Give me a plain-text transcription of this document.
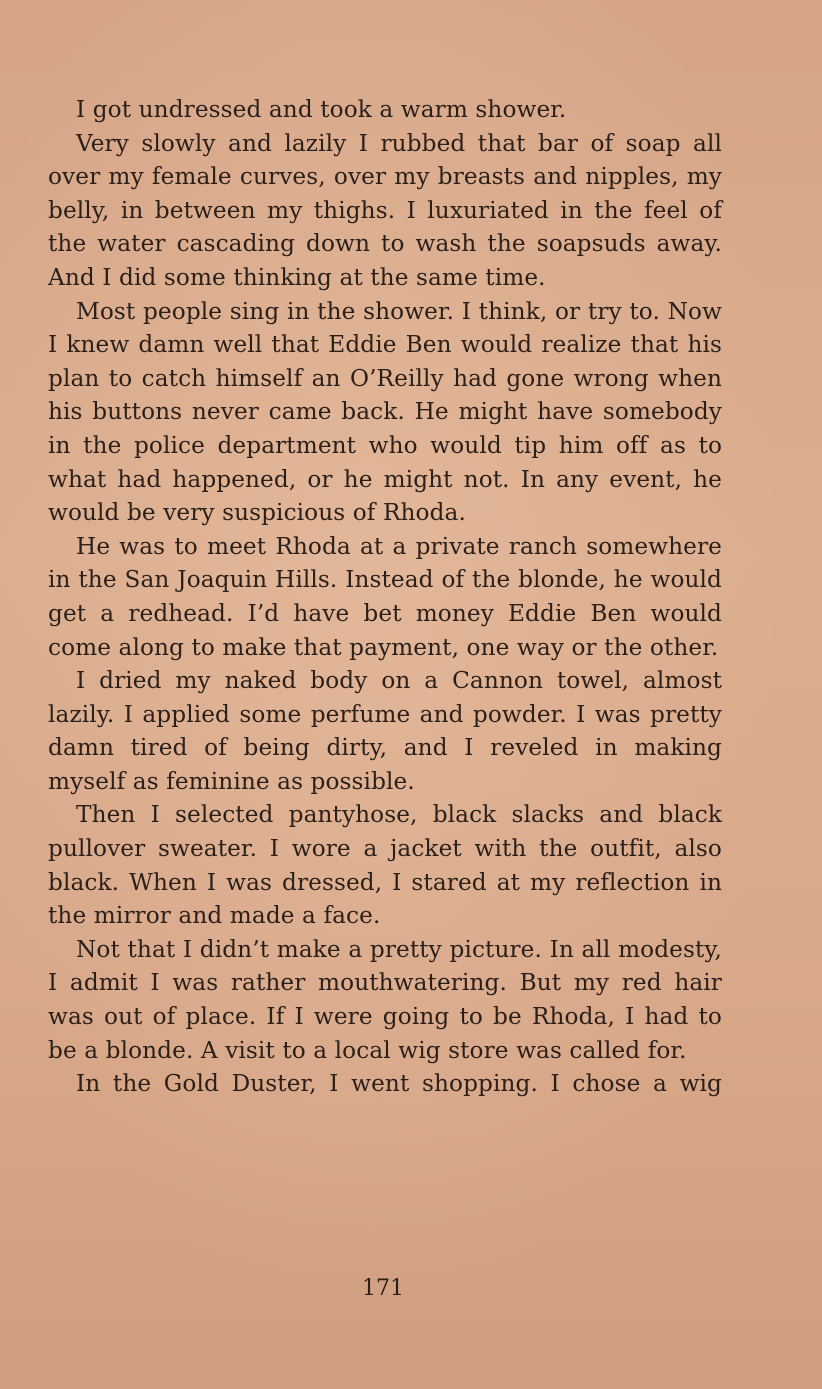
I got undressed and took a warm shower.

Very slowly and lazily I rubbed that bar of soap all over my female curves, over my breasts and nipples, my belly, in between my thighs. I luxuriated in the feel of the water cascading down to wash the soapsuds away. And I did some thinking at the same time.

Most people sing in the shower. I think, or try to. Now I knew damn well that Eddie Ben would realize that his plan to catch himself an O’Reilly had gone wrong when his buttons never came back. He might have somebody in the police department who would tip him off as to what had happened, or he might not. In any event, he would be very suspicious of Rhoda.

He was to meet Rhoda at a private ranch somewhere in the San Joaquin Hills. Instead of the blonde, he would get a redhead. I’d have bet money Eddie Ben would come along to make that payment, one way or the other.

I dried my naked body on a Cannon towel, almost lazily. I applied some perfume and powder. I was pretty damn tired of being dirty, and I reveled in making myself as feminine as possible.

Then I selected pantyhose, black slacks and black pullover sweater. I wore a jacket with the outfit, also black. When I was dressed, I stared at my reflection in the mirror and made a face.

Not that I didn’t make a pretty picture. In all modesty, I admit I was rather mouthwatering. But my red hair was out of place. If I were going to be Rhoda, I had to be a blonde. A visit to a local wig store was called for.

In the Gold Duster, I went shopping. I chose a wig

171
